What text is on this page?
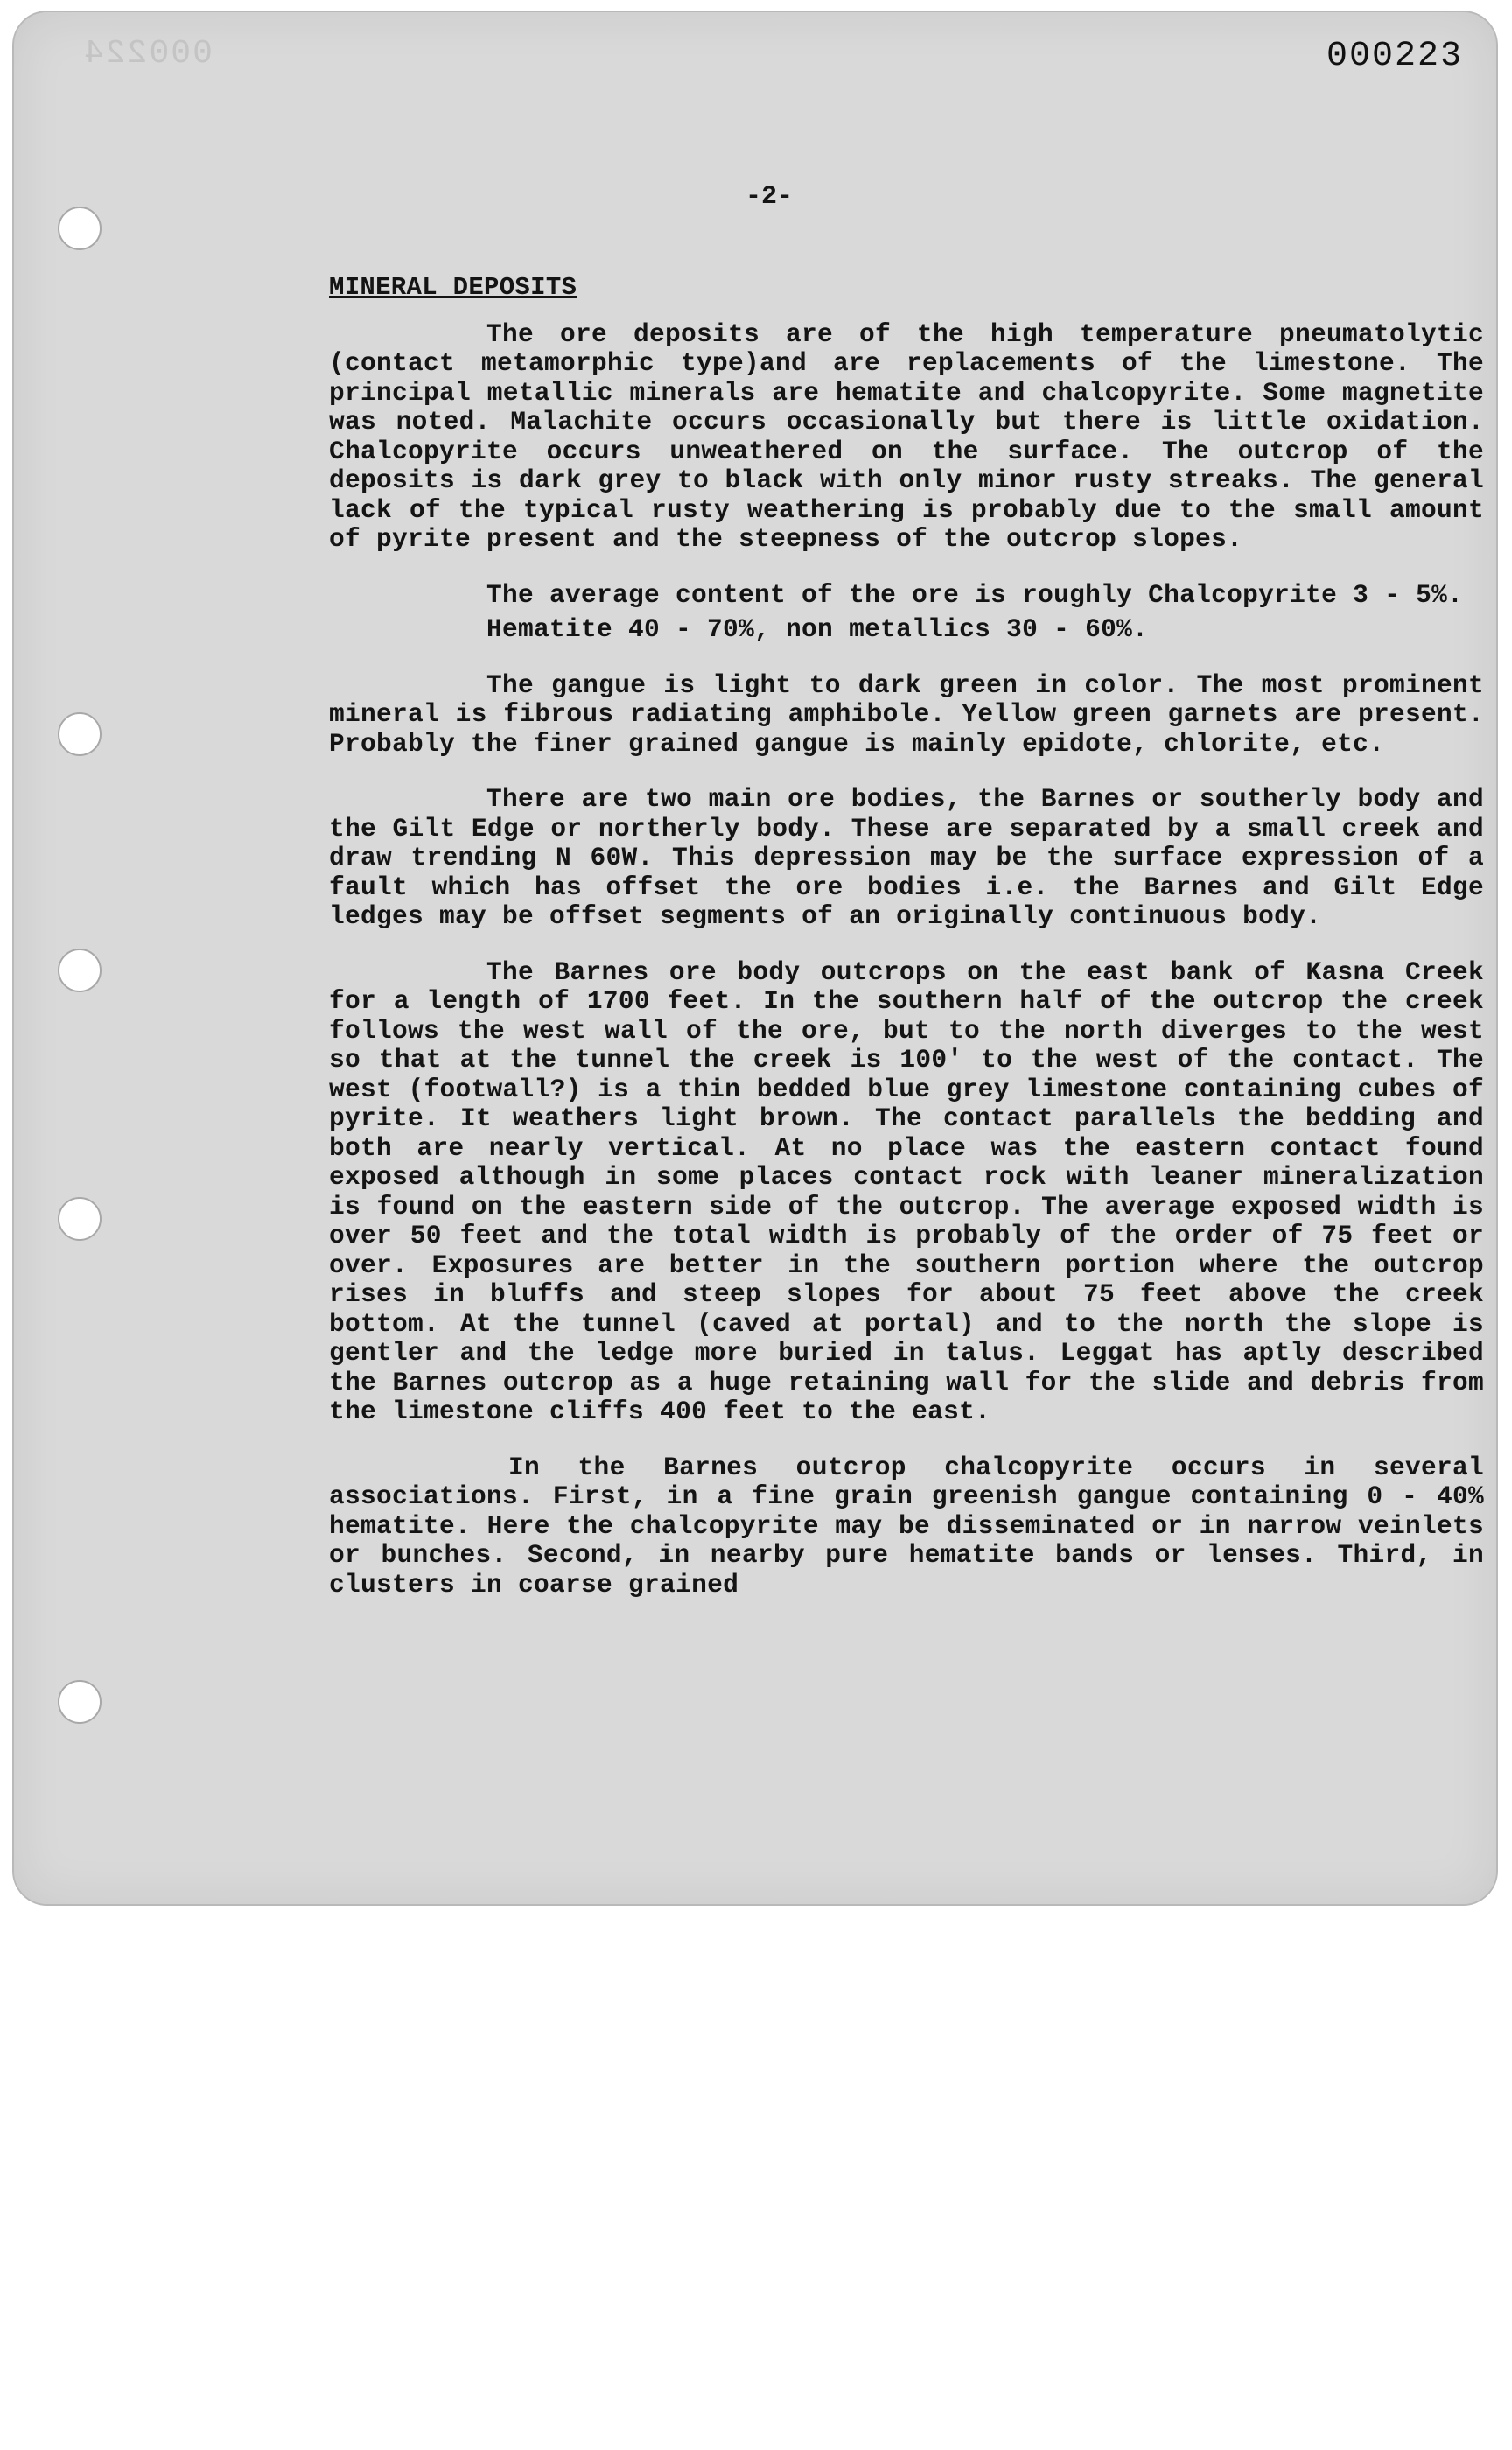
000224	000223
-2-
MINERAL DEPOSITS

The ore deposits are of the high temperature pneumatolytic (contact metamorphic type)and are replacements of the limestone. The principal metallic minerals are hematite and chalcopyrite. Some magnetite was noted. Malachite occurs occasionally but there is little oxidation. Chalcopyrite occurs unweathered on the surface. The outcrop of the deposits is dark grey to black with only minor rusty streaks. The general lack of the typical rusty weathering is probably due to the small amount of pyrite present and the steepness of the outcrop slopes.

The average content of the ore is roughly Chalcopyrite 3 - 5%.

Hematite 40 - 70%, non metallics 30 - 60%.

The gangue is light to dark green in color. The most prominent mineral is fibrous radiating amphibole. Yellow green garnets are present. Probably the finer grained gangue is mainly epidote, chlorite, etc.

There are two main ore bodies, the Barnes or southerly body and the Gilt Edge or northerly body. These are separated by a small creek and draw trending N 60W. This depression may be the surface expression of a fault which has offset the ore bodies i.e. the Barnes and Gilt Edge ledges may be offset segments of an originally continuous body.

The Barnes ore body outcrops on the east bank of Kasna Creek for a length of 1700 feet. In the southern half of the outcrop the creek follows the west wall of the ore, but to the north diverges to the west so that at the tunnel the creek is 100' to the west of the contact. The west (footwall?) is a thin bedded blue grey limestone containing cubes of pyrite. It weathers light brown. The contact parallels the bedding and both are nearly vertical. At no place was the eastern contact found exposed although in some places contact rock with leaner mineralization is found on the eastern side of the outcrop. The average exposed width is over 50 feet and the total width is probably of the order of 75 feet or over. Exposures are better in the southern portion where the outcrop rises in bluffs and steep slopes for about 75 feet above the creek bottom. At the tunnel (caved at portal) and to the north the slope is gentler and the ledge more buried in talus. Leggat has aptly described the Barnes outcrop as a huge retaining wall for the slide and debris from the limestone cliffs 400 feet to the east.

In the Barnes outcrop chalcopyrite occurs in several associations. First, in a fine grain greenish gangue containing 0 - 40% hematite. Here the chalcopyrite may be disseminated or in narrow veinlets or bunches. Second, in nearby pure hematite bands or lenses. Third, in clusters in coarse grained
